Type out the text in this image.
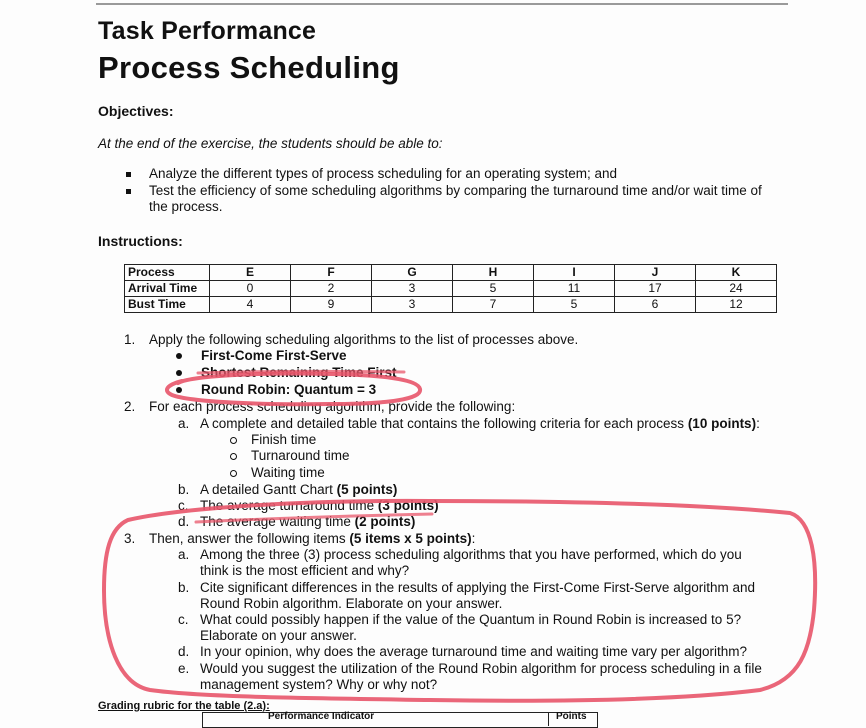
Task Performance
Process Scheduling
Objectives:
At the end of the exercise, the students should be able to:
Analyze the different types of process scheduling for an operating system; and
Test the efficiency of some scheduling algorithms by comparing the turnaround time and/or wait time of
the process.
Instructions:
Process	E	F	G	H	I	J	K
Arrival Time	0	2	3	5	11	17	24
Bust Time	4	9	3	7	5	6	12
1. Apply the following scheduling algorithms to the list of processes above.
First-Come First-Serve
Shortest Remaining Time First
Round Robin: Quantum = 3
2. For each process scheduling algorithm, provide the following:
a. A complete and detailed table that contains the following criteria for each process (10 points):
Finish time
Turnaround time
Waiting time
b. A detailed Gantt Chart (5 points)
c. The average turnaround time (3 points)
d. The average waiting time (2 points)
3. Then, answer the following items (5 items x 5 points):
a. Among the three (3) process scheduling algorithms that you have performed, which do you
think is the most efficient and why?
b. Cite significant differences in the results of applying the First-Come First-Serve algorithm and
Round Robin algorithm. Elaborate on your answer.
c. What could possibly happen if the value of the Quantum in Round Robin is increased to 5?
Elaborate on your answer.
d. In your opinion, why does the average turnaround time and waiting time vary per algorithm?
e. Would you suggest the utilization of the Round Robin algorithm for process scheduling in a file
management system? Why or why not?
Grading rubric for the table (2.a):
Performance Indicator	Points
